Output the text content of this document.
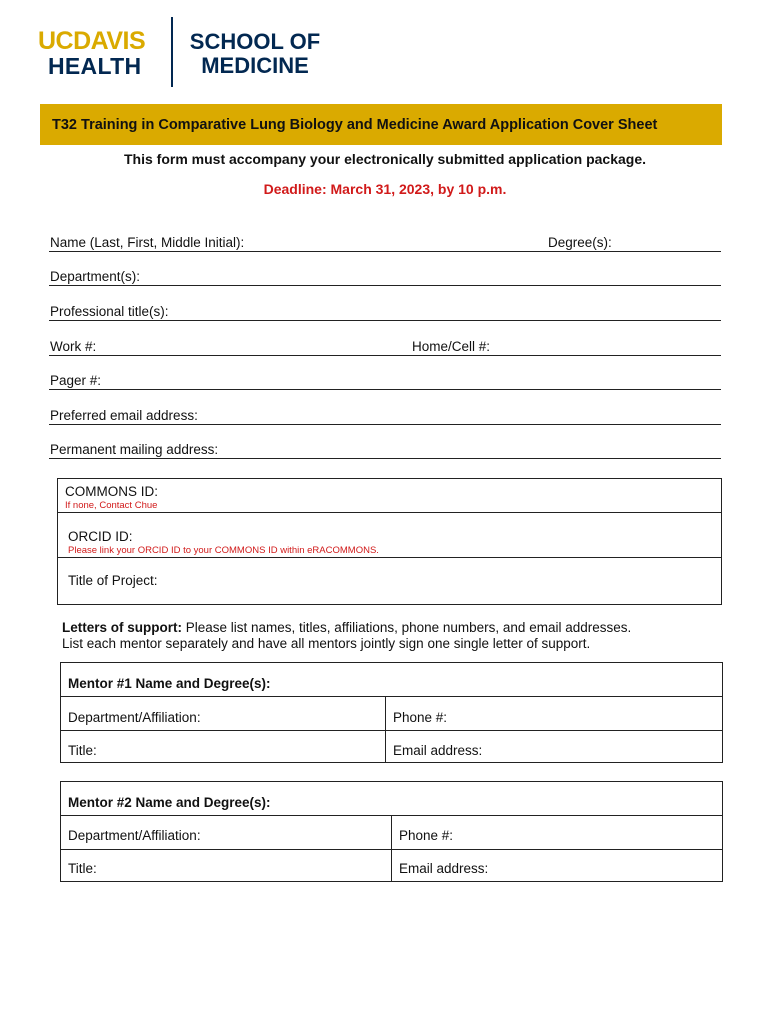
UCDAVIS
HEALTH
SCHOOL OF
MEDICINE
T32 Training in Comparative Lung Biology and Medicine Award Application Cover Sheet
This form must accompany your electronically submitted application package.
Deadline: March 31, 2023, by 10 p.m.
Name (Last, First, Middle Initial):	Degree(s):
Department(s):
Professional title(s):
Work #:	Home/Cell #:
Pager #:
Preferred email address:
Permanent mailing address:
COMMONS ID:
If none, Contact Chue
ORCID ID:
Please link your ORCID ID to your COMMONS ID within eRACOMMONS.
Title of Project:
Letters of support: Please list names, titles, affiliations, phone numbers, and email addresses.
List each mentor separately and have all mentors jointly sign one single letter of support.
Mentor #1 Name and Degree(s):
Department/Affiliation:	Phone #:
Title:	Email address:
Mentor #2 Name and Degree(s):
Department/Affiliation:	Phone #:
Title:	Email address:
